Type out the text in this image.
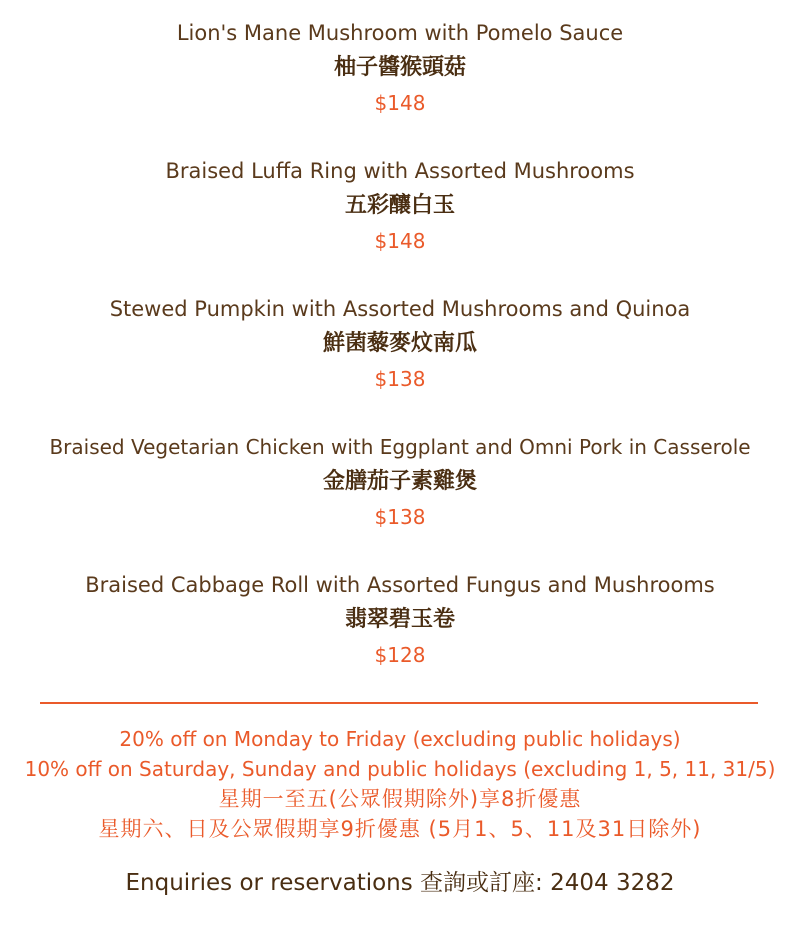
Lion's Mane Mushroom with Pomelo Sauce
柚子醬猴頭菇
$148
Braised Luffa Ring with Assorted Mushrooms
五彩釀白玉
$148
Stewed Pumpkin with Assorted Mushrooms and Quinoa
鮮菌藜麥炆南瓜
$138
Braised Vegetarian Chicken with Eggplant and Omni Pork in Casserole
金膳茄子素雞煲
$138
Braised Cabbage Roll with Assorted Fungus and Mushrooms
翡翠碧玉卷
$128
20% off on Monday to Friday (excluding public holidays)
10% off on Saturday, Sunday and public holidays (excluding 1, 5, 11, 31/5)
星期一至五(公眾假期除外)享8折優惠
星期六、日及公眾假期享9折優惠 (5月1、5、11及31日除外)
Enquiries or reservations 查詢或訂座: 2404 3282
